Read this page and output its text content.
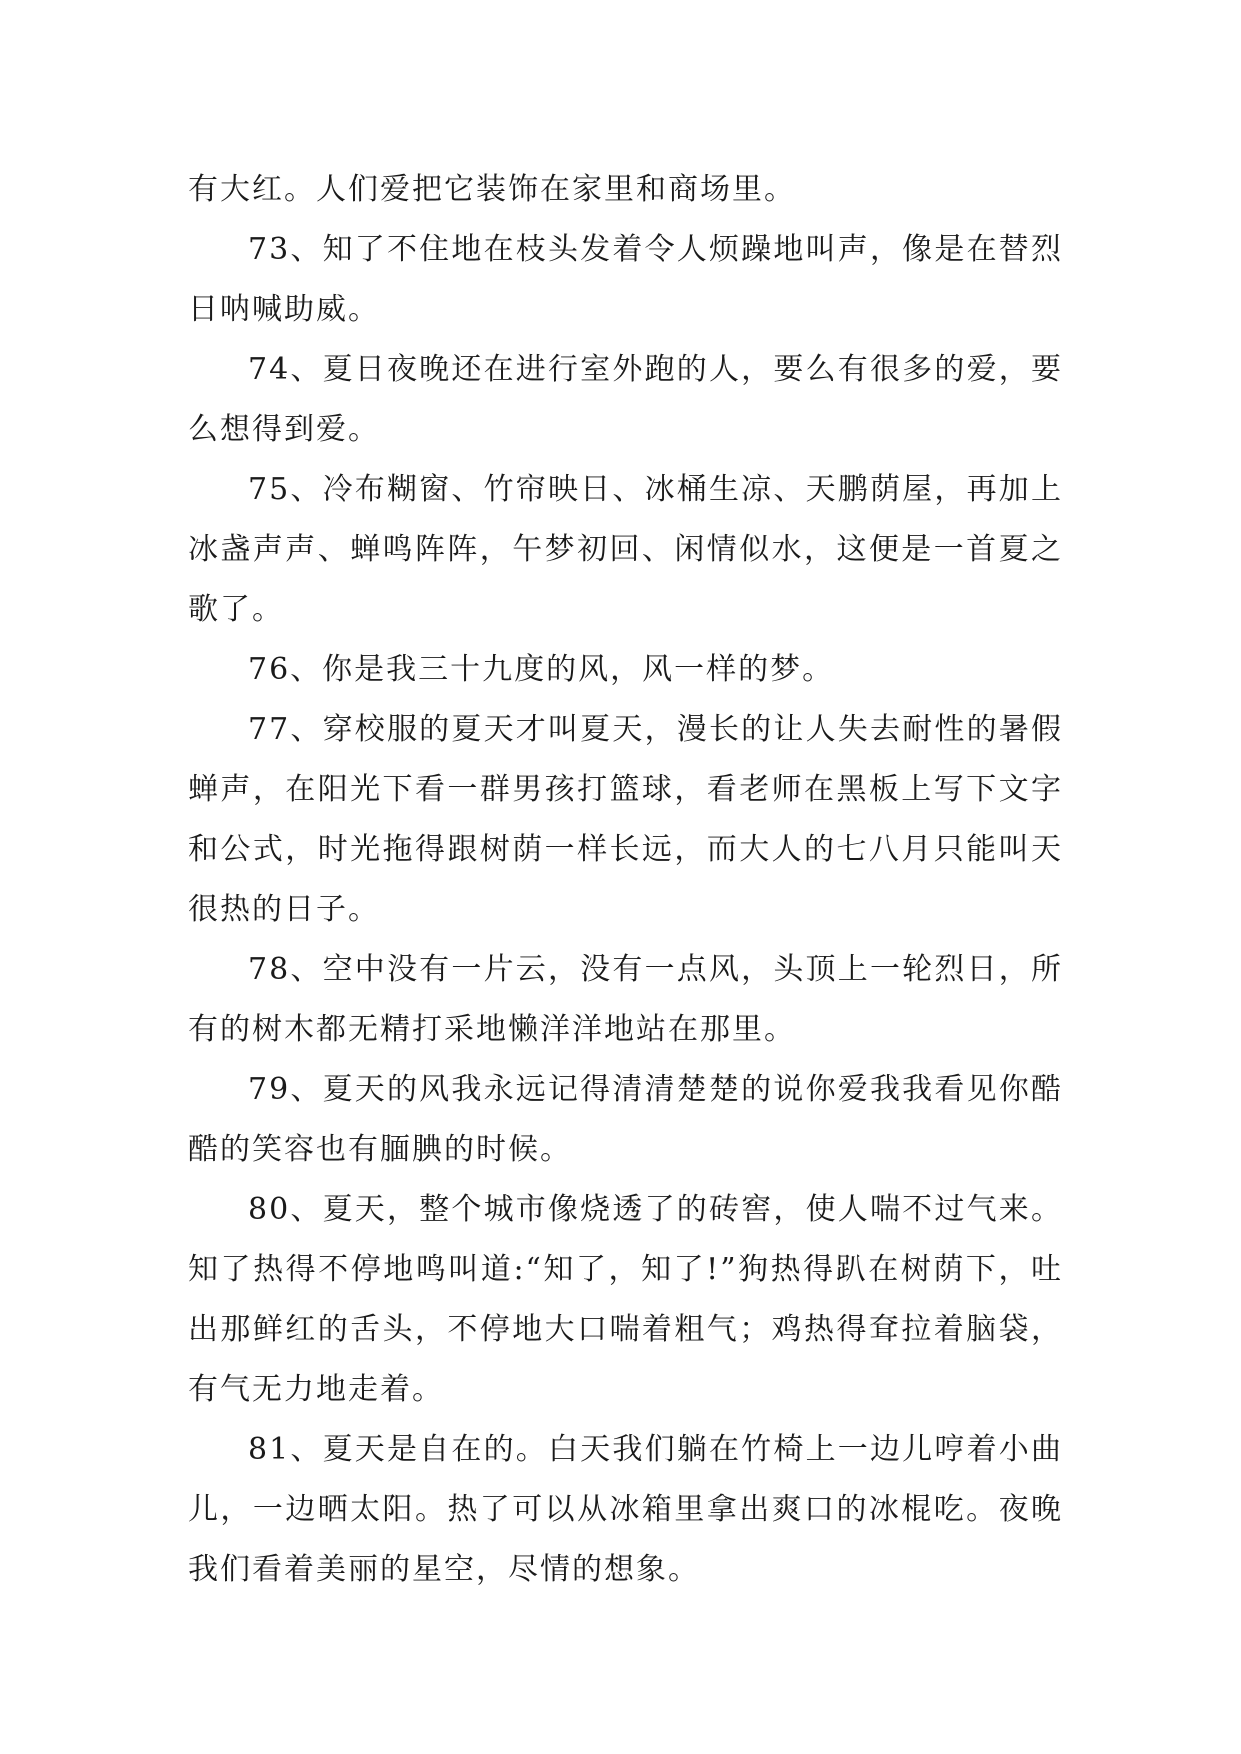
有大红。人们爱把它装饰在家里和商场里。

73、知了不住地在枝头发着令人烦躁地叫声，像是在替烈日呐喊助威。

74、夏日夜晚还在进行室外跑的人，要么有很多的爱，要么想得到爱。

75、冷布糊窗、竹帘映日、冰桶生凉、天鹏荫屋，再加上冰盏声声、蝉鸣阵阵，午梦初回、闲情似水，这便是一首夏之歌了。

76、你是我三十九度的风，风一样的梦。

77、穿校服的夏天才叫夏天，漫长的让人失去耐性的暑假蝉声，在阳光下看一群男孩打篮球，看老师在黑板上写下文字和公式，时光拖得跟树荫一样长远，而大人的七八月只能叫天很热的日子。

78、空中没有一片云，没有一点风，头顶上一轮烈日，所有的树木都无精打采地懒洋洋地站在那里。

79、夏天的风我永远记得清清楚楚的说你爱我我看见你酷酷的笑容也有腼腆的时候。

80、夏天，整个城市像烧透了的砖窖，使人喘不过气来。知了热得不停地鸣叫道:“知了，知了!”狗热得趴在树荫下，吐出那鲜红的舌头，不停地大口喘着粗气；鸡热得耷拉着脑袋，有气无力地走着。

81、夏天是自在的。白天我们躺在竹椅上一边儿哼着小曲儿，一边晒太阳。热了可以从冰箱里拿出爽口的冰棍吃。夜晚我们看着美丽的星空，尽情的想象。
